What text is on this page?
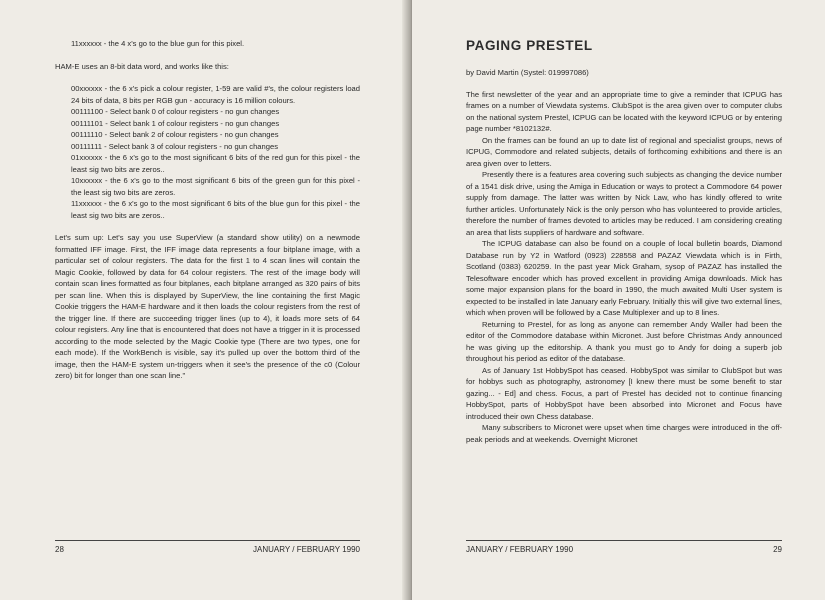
11xxxxxx - the 4 x's go to the blue gun for this pixel.

HAM-E uses an 8-bit data word, and works like this:

00xxxxxx - the 6 x's pick a colour register, 1-59 are valid #'s, the colour registers load 24 bits of data, 8 bits per RGB gun - accuracy is 16 million colours.

00111100 - Select bank 0 of colour registers - no gun changes

00111101 - Select bank 1 of colour registers - no gun changes

00111110 - Select bank 2 of colour registers - no gun changes

00111111 - Select bank 3 of colour registers - no gun changes

01xxxxxx - the 6 x's go to the most significant 6 bits of the red gun for this pixel - the least sig two bits are zeros..

10xxxxxx - the 6 x's go to the most significant 6 bits of the green gun for this pixel - the least sig two bits are zeros.

11xxxxxx - the 6 x's go to the most significant 6 bits of the blue gun for this pixel - the least sig two bits are zeros..

Let's sum up: Let's say you use SuperView (a standard show utility) on a newmode formatted IFF image. First, the IFF image data represents a four bitplane image, with a particular set of colour registers. The data for the first 1 to 4 scan lines will contain the Magic Cookie, followed by data for 64 colour registers. The rest of the image body will contain scan lines formatted as four bitplanes, each bitplane arranged as 320 pairs of bits per scan line. When this is displayed by SuperView, the line containing the first Magic Cookie triggers the HAM-E hardware and it then loads the colour registers from the rest of the trigger line. If there are succeeding trigger lines (up to 4), it loads more sets of 64 colour registers. Any line that is encountered that does not have a trigger in it is processed according to the mode selected by the Magic Cookie type (There are two types, one for each mode). If the WorkBench is visible, say it's pulled up over the bottom third of the image, then the HAM-E system un-triggers when it see's the presence of the c0 (Colour zero) bit for longer than one scan line."

28	JANUARY / FEBRUARY 1990
PAGING PRESTEL

by David Martin (Systel: 019997086)

The first newsletter of the year and an appropriate time to give a reminder that ICPUG has frames on a number of Viewdata systems. ClubSpot is the area given over to computer clubs on the national system Prestel, ICPUG can be located with the keyword ICPUG or by entering page number *8102132#.

On the frames can be found an up to date list of regional and specialist groups, news of ICPUG, Commodore and related subjects, details of forthcoming exhibitions and there is an area given over to letters.

Presently there is a features area covering such subjects as changing the device number of a 1541 disk drive, using the Amiga in Education or ways to protect a Commodore 64 power supply from damage. The latter was written by Nick Law, who has kindly offered to write further articles. Unfortunately Nick is the only person who has volunteered to provide articles, therefore the number of frames devoted to articles may be reduced. I am considering creating an area that lists suppliers of hardware and software.

The ICPUG database can also be found on a couple of local bulletin boards, Diamond Database run by Y2 in Watford (0923) 228558 and PAZAZ Viewdata which is in Firth, Scotland (0383) 620259. In the past year Mick Graham, sysop of PAZAZ has installed the Telesoftware encoder which has proved excellent in providing Amiga downloads. Mick has some major expansion plans for the board in 1990, the much awaited Multi User system is expected to be installed in late January early February. Initially this will give two external lines, which when proven will be followed by a Case Multiplexer and up to 8 lines.

Returning to Prestel, for as long as anyone can remember Andy Waller had been the editor of the Commodore database within Micronet. Just before Christmas Andy announced he was giving up the editorship. A thank you must go to Andy for doing a superb job throughout his period as editor of the database.

As of January 1st HobbySpot has ceased. HobbySpot was similar to ClubSpot but was for hobbys such as photography, astronomey [I knew there must be some benefit to star gazing... - Ed] and chess. Focus, a part of Prestel has decided not to continue financing HobbySpot, parts of HobbySpot have been absorbed into Micronet and Focus have introduced their own Chess database.

Many subscribers to Micronet were upset when time charges were introduced in the off-peak periods and at weekends. Overnight Micronet

JANUARY / FEBRUARY 1990	29
